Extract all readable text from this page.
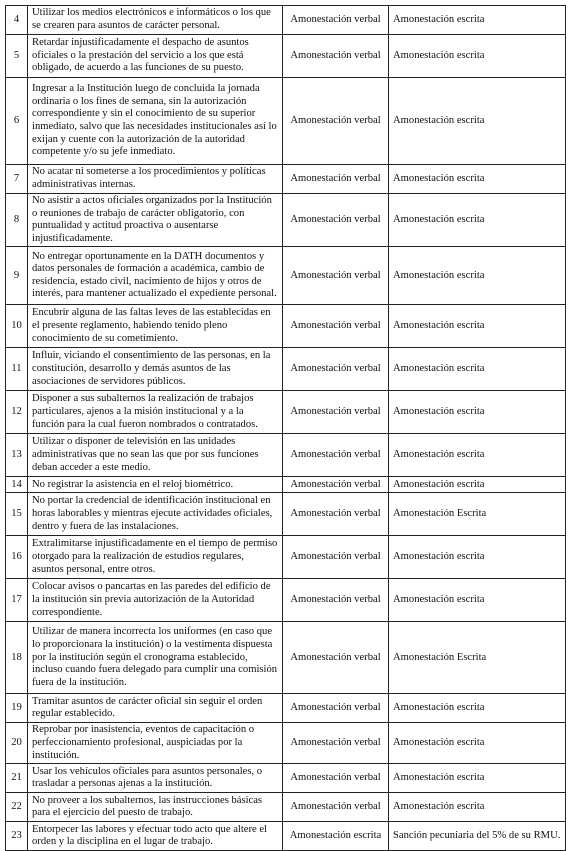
4	Utilizar los medios electrónicos e informáticos o los que se crearen para asuntos de carácter personal.	Amonestación verbal	Amonestación escrita
5	Retardar injustificadamente el despacho de asuntos oficiales o la prestación del servicio a los que está obligado, de acuerdo a las funciones de su puesto.	Amonestación verbal	Amonestación escrita
6	Ingresar a la Institución luego de concluida la jornada ordinaria o los fines de semana, sin la autorización correspondiente y sin el conocimiento de su superior inmediato, salvo que las necesidades institucionales así lo exijan y cuente con la autorización de la autoridad competente y/o su jefe inmediato.	Amonestación verbal	Amonestación escrita
7	No acatar ni someterse a los procedimientos y políticas administrativas internas.	Amonestación verbal	Amonestación escrita
8	No asistir a actos oficiales organizados por la Institución o reuniones de trabajo de carácter obligatorio, con puntualidad y actitud proactiva o ausentarse injustificadamente.	Amonestación verbal	Amonestación escrita
9	No entregar oportunamente en la DATH documentos y datos personales de formación a académica, cambio de residencia, estado civil, nacimiento de hijos y otros de interés, para mantener actualizado el expediente personal.	Amonestación verbal	Amonestación escrita
10	Encubrir alguna de las faltas leves de las establecidas en el presente reglamento, habiendo tenido pleno conocimiento de su cometimiento.	Amonestación verbal	Amonestación escrita
11	Influir, viciando el consentimiento de las personas, en la constitución, desarrollo y demás asuntos de las asociaciones de servidores públicos.	Amonestación verbal	Amonestación escrita
12	Disponer a sus subalternos la realización de trabajos particulares, ajenos a la misión institucional y a la función para la cual fueron nombrados o contratados.	Amonestación verbal	Amonestación escrita
13	Utilizar o disponer de televisión en las unidades administrativas que no sean las que por sus funciones deban acceder a este medio.	Amonestación verbal	Amonestación escrita
14	No registrar la asistencia en el reloj biométrico.	Amonestación verbal	Amonestación escrita
15	No portar la credencial de identificación institucional en horas laborables y mientras ejecute actividades oficiales, dentro y fuera de las instalaciones.	Amonestación verbal	Amonestación Escrita
16	Extralimitarse injustificadamente en el tiempo de permiso otorgado para la realización de estudios regulares, asuntos personal, entre otros.	Amonestación verbal	Amonestación escrita
17	Colocar avisos o pancartas en las paredes del edificio de la institución sin previa autorización de la Autoridad correspondiente.	Amonestación verbal	Amonestación escrita
18	Utilizar de manera incorrecta los uniformes (en caso que lo proporcionara la institución) o la vestimenta dispuesta por la institución según el cronograma establecido, incluso cuando fuera delegado para cumplir una comisión fuera de la institución.	Amonestación verbal	Amonestación Escrita
19	Tramitar asuntos de carácter oficial sin seguir el orden regular establecido.	Amonestación verbal	Amonestación escrita
20	Reprobar por inasistencia, eventos de capacitación o perfeccionamiento profesional, auspiciadas por la institución.	Amonestación verbal	Amonestación escrita
21	Usar los vehículos oficiales para asuntos personales, o trasladar a personas ajenas a la institución.	Amonestación verbal	Amonestación escrita
22	No proveer a los subalternos, las instrucciones básicas para el ejercicio del puesto de trabajo.	Amonestación verbal	Amonestación escrita
23	Entorpecer las labores y efectuar todo acto que altere el orden y la disciplina en el lugar de trabajo.	Amonestación escrita	Sanción pecuniaria del 5% de su RMU.
